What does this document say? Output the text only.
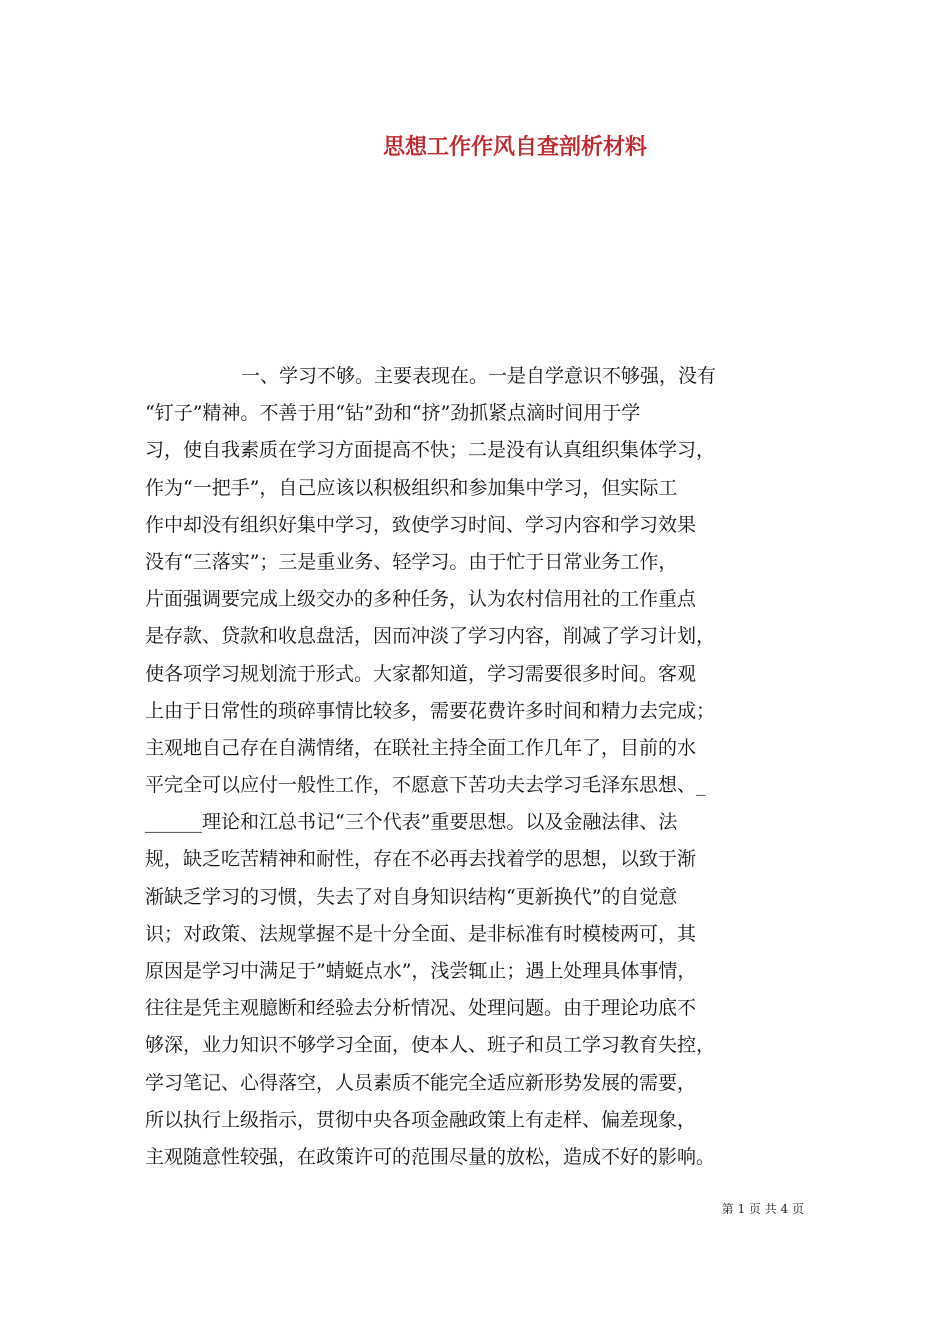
思想工作作风自查剖析材料
一、学习不够。主要表现在。一是自学意识不够强，没有
“钉子”精神。不善于用“钻”劲和“挤”劲抓紧点滴时间用于学
习，使自我素质在学习方面提高不快；二是没有认真组织集体学习，
作为“一把手”，自己应该以积极组织和参加集中学习，但实际工
作中却没有组织好集中学习，致使学习时间、学习内容和学习效果
没有“三落实”；三是重业务、轻学习。由于忙于日常业务工作，
片面强调要完成上级交办的多种任务，认为农村信用社的工作重点
是存款、贷款和收息盘活，因而冲淡了学习内容，削减了学习计划，
使各项学习规划流于形式。大家都知道，学习需要很多时间。客观
上由于日常性的琐碎事情比较多，需要花费许多时间和精力去完成；
主观地自己存在自满情绪，在联社主持全面工作几年了，目前的水
平完全可以应付一般性工作，不愿意下苦功夫去学习毛泽东思想、_
______理论和江总书记“三个代表”重要思想。以及金融法律、法
规，缺乏吃苦精神和耐性，存在不必再去找着学的思想，以致于渐
渐缺乏学习的习惯，失去了对自身知识结构“更新换代”的自觉意
识；对政策、法规掌握不是十分全面、是非标准有时模棱两可，其
原因是学习中满足于”蜻蜓点水”，浅尝辄止；遇上处理具体事情，
往往是凭主观臆断和经验去分析情况、处理问题。由于理论功底不
够深，业力知识不够学习全面，使本人、班子和员工学习教育失控，
学习笔记、心得落空，人员素质不能完全适应新形势发展的需要，
所以执行上级指示，贯彻中央各项金融政策上有走样、偏差现象，
主观随意性较强，在政策许可的范围尽量的放松，造成不好的影响。
第 1 页 共 4 页
